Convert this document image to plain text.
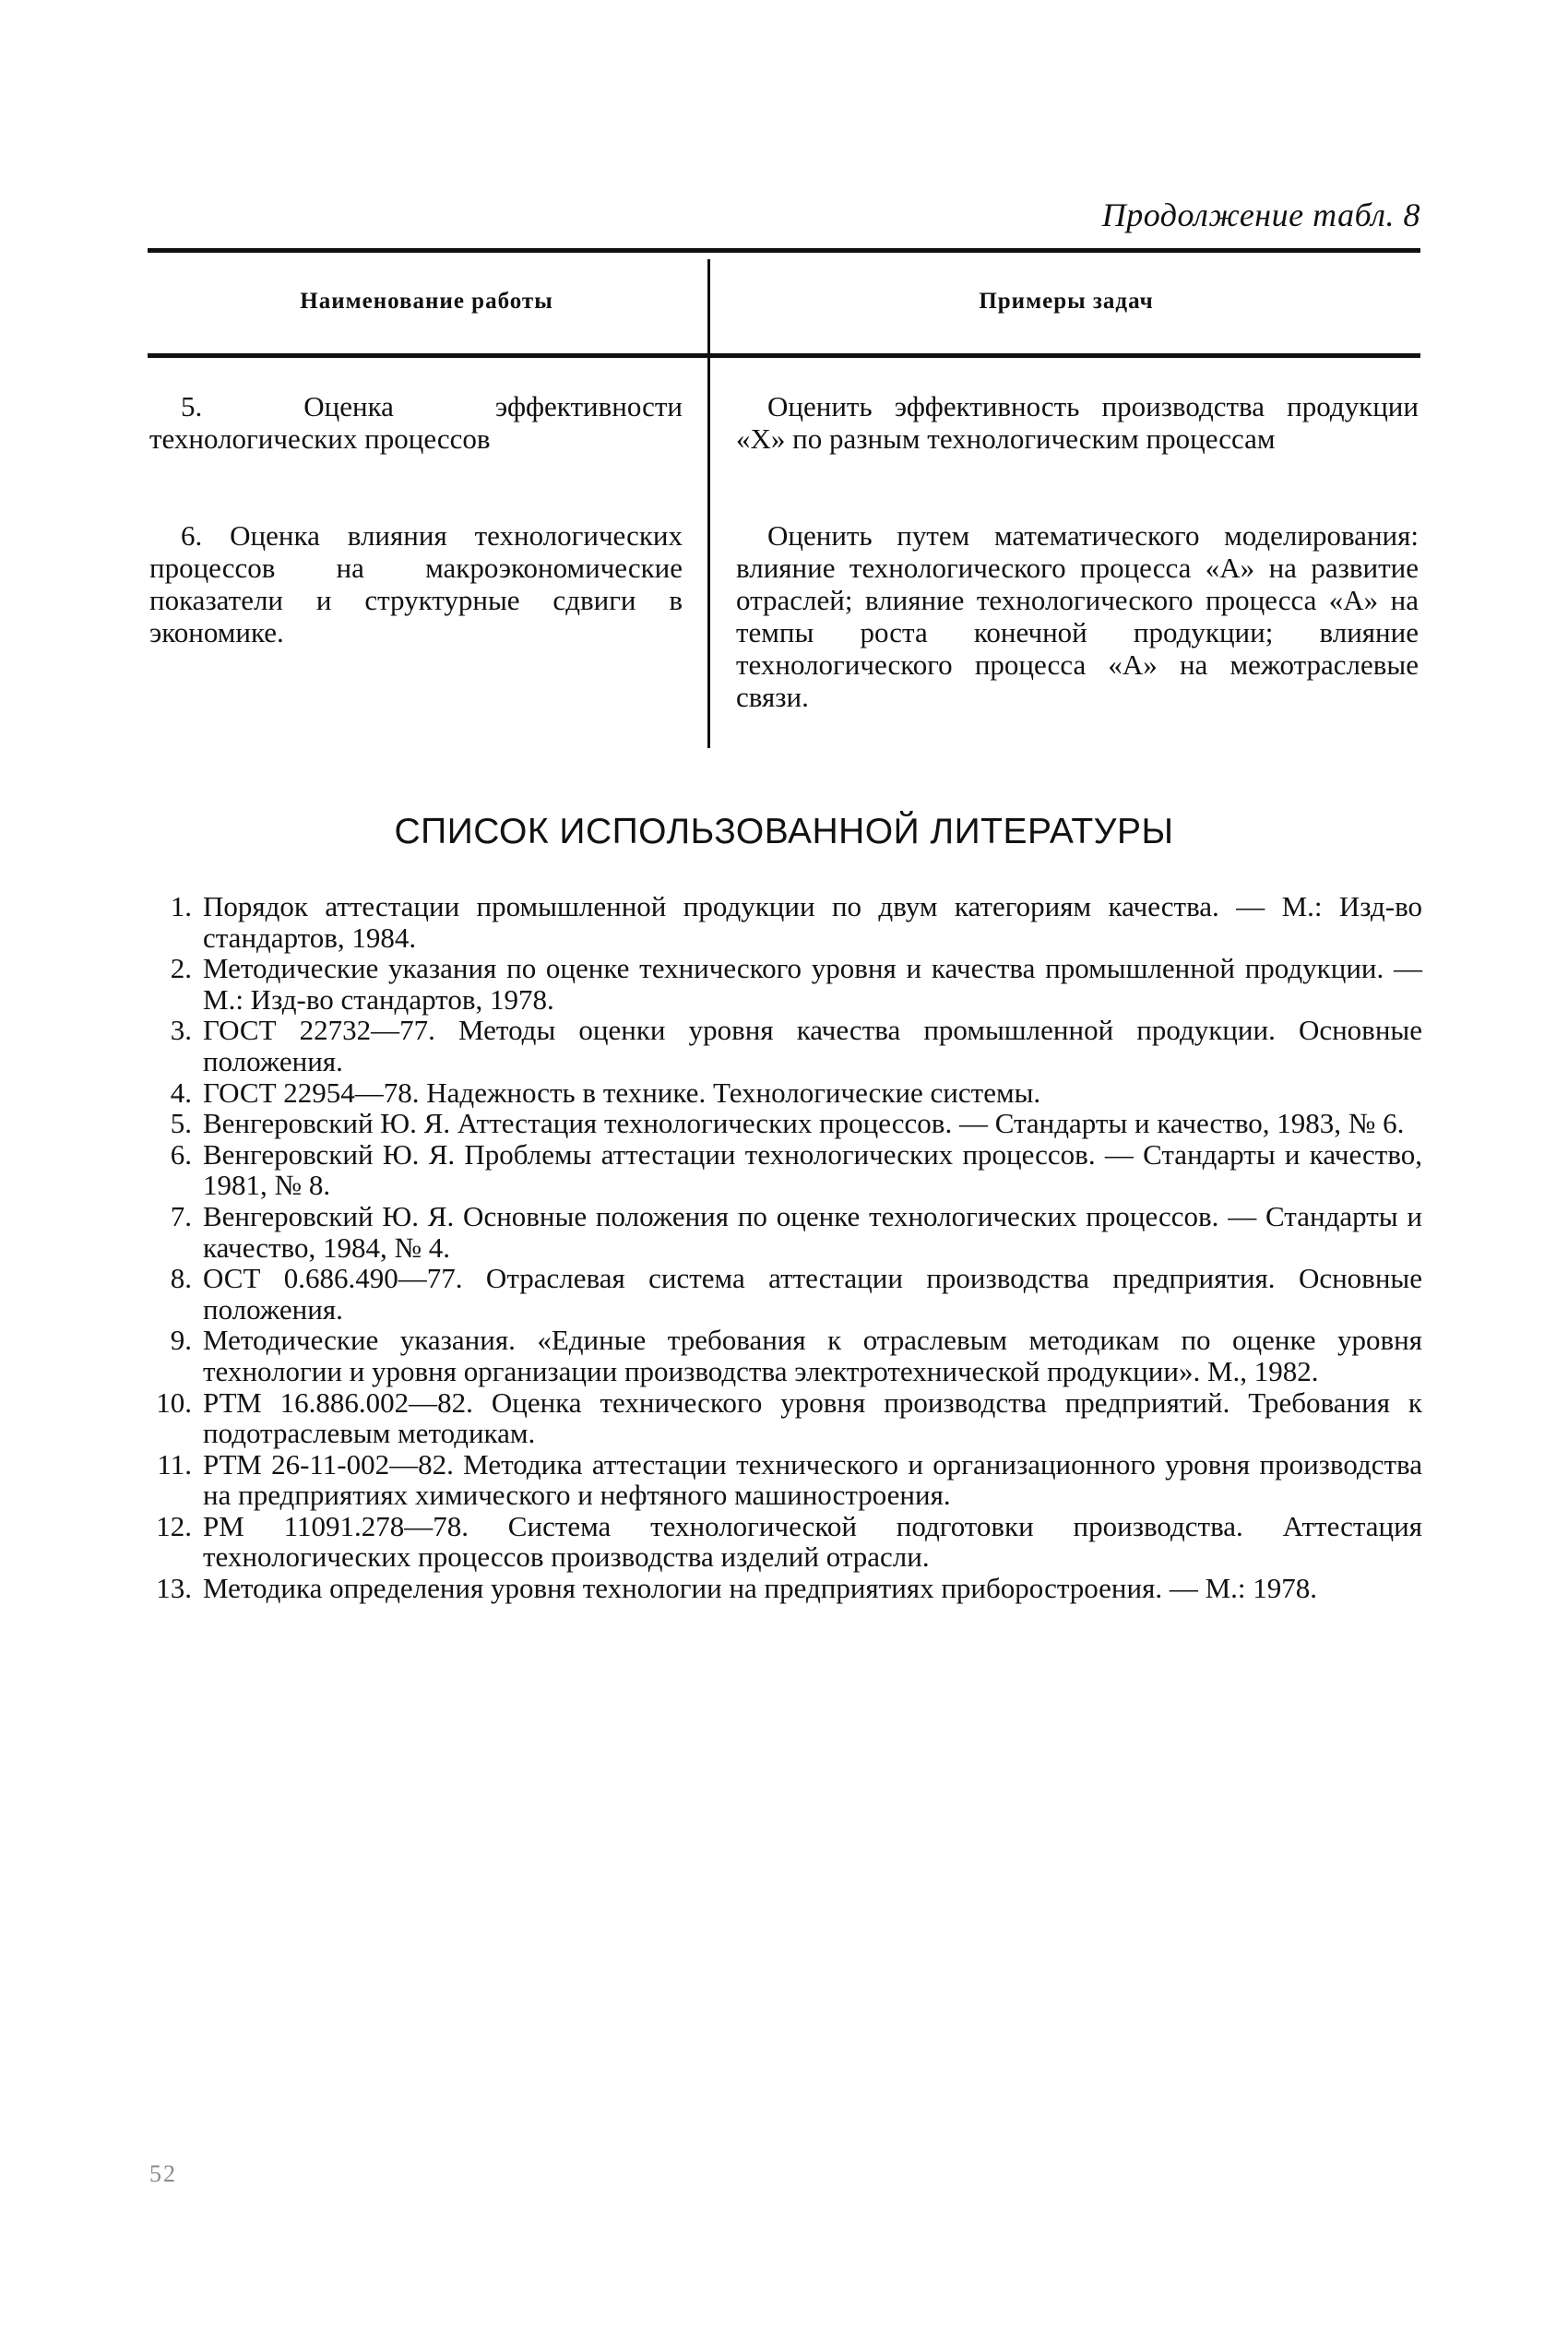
Продолжение табл. 8
Наименование работы	Примеры задач
5. Оценка эффективности технологических процессов
Оценить эффективность производства продукции «X» по разным технологическим процессам
6. Оценка влияния технологических процессов на макроэкономические показатели и структурные сдвиги в экономике.
Оценить путем математического моделирования: влияние технологического процесса «А» на развитие отраслей; влияние технологического процесса «А» на темпы роста конечной продукции; влияние технологического процесса «А» на межотраслевые связи.
СПИСОК ИСПОЛЬЗОВАННОЙ ЛИТЕРАТУРЫ
1. Порядок аттестации промышленной продукции по двум категориям качества. — М.: Изд-во стандартов, 1984.
2. Методические указания по оценке технического уровня и качества промышленной продукции. — М.: Изд-во стандартов, 1978.
3. ГОСТ 22732—77. Методы оценки уровня качества промышленной продукции. Основные положения.
4. ГОСТ 22954—78. Надежность в технике. Технологические системы.
5. Венгеровский Ю. Я. Аттестация технологических процессов. — Стандарты и качество, 1983, № 6.
6. Венгеровский Ю. Я. Проблемы аттестации технологических процессов. — Стандарты и качество, 1981, № 8.
7. Венгеровский Ю. Я. Основные положения по оценке технологических процессов. — Стандарты и качество, 1984, № 4.
8. ОСТ 0.686.490—77. Отраслевая система аттестации производства предприятия. Основные положения.
9. Методические указания. «Единые требования к отраслевым методикам по оценке уровня технологии и уровня организации производства электротехнической продукции». М., 1982.
10. РТМ 16.886.002—82. Оценка технического уровня производства предприятий. Требования к подотраслевым методикам.
11. РТМ 26-11-002—82. Методика аттестации технического и организационного уровня производства на предприятиях химического и нефтяного машиностроения.
12. РМ 11091.278—78. Система технологической подготовки производства. Аттестация технологических процессов производства изделий отрасли.
13. Методика определения уровня технологии на предприятиях приборостроения. — М.: 1978.
52
